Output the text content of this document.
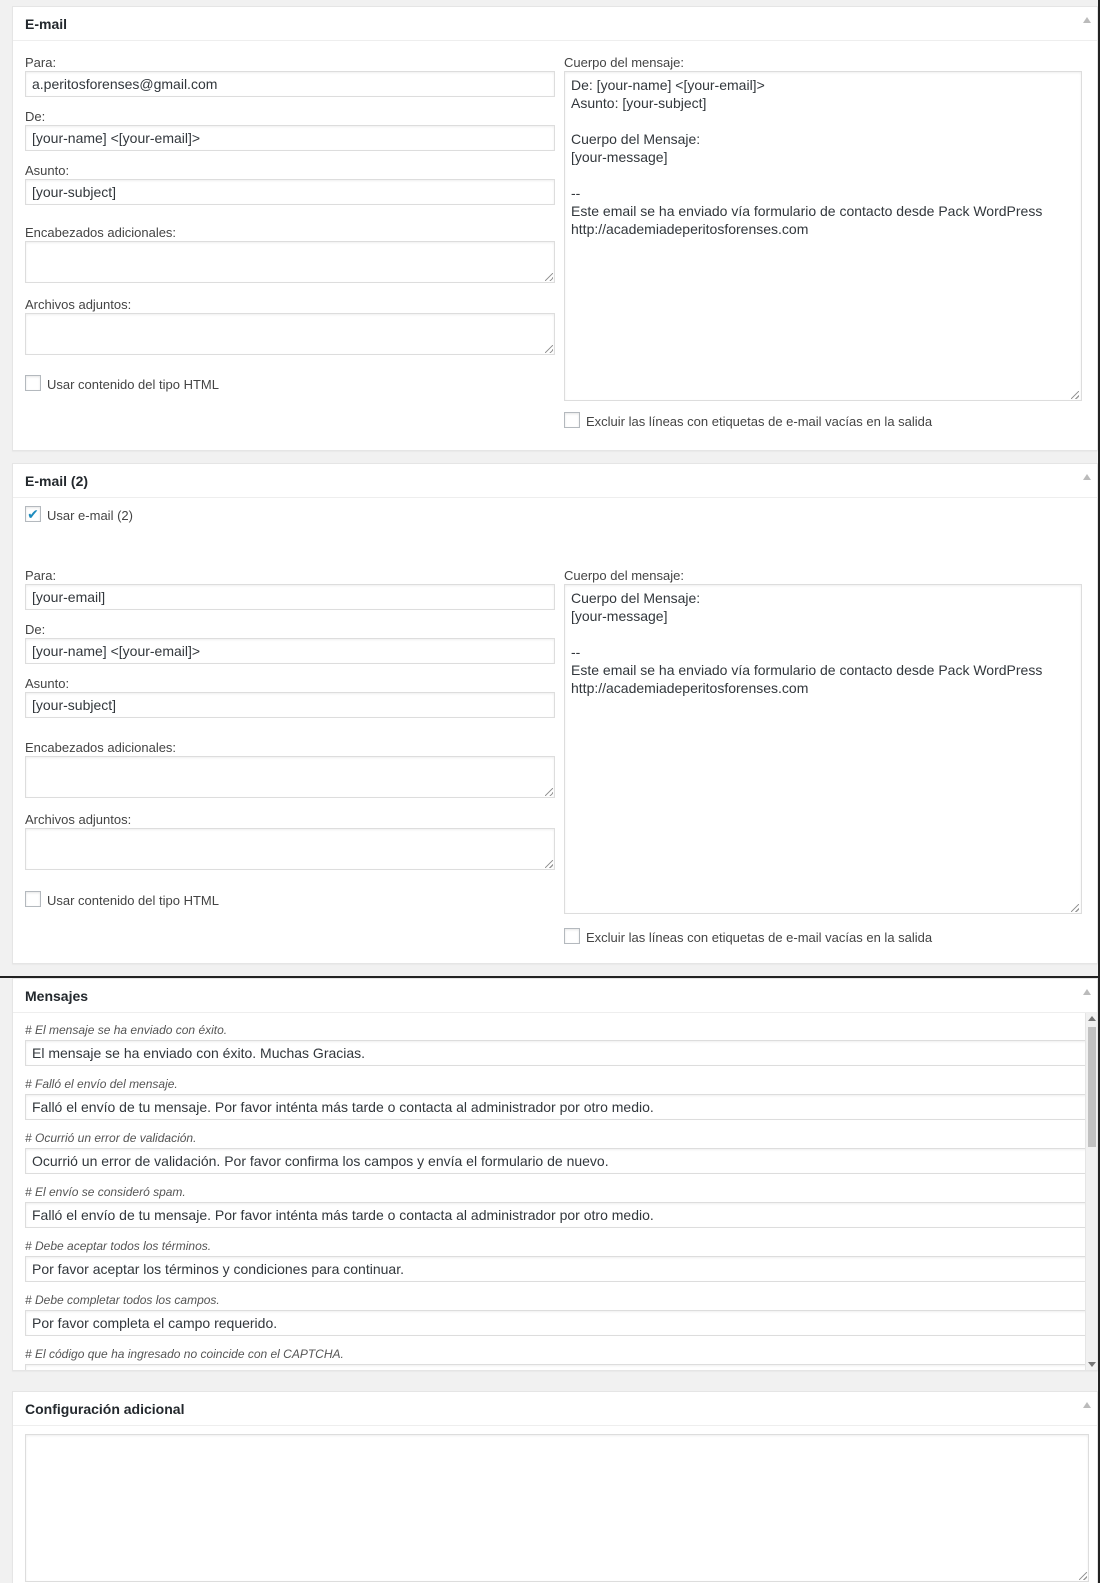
E-mail
Para:
a.peritosforenses@gmail.com
De:
[your-name] <[your-email]>
Asunto:
[your-subject]
Encabezados adicionales:
Archivos adjuntos:
Usar contenido del tipo HTML
Cuerpo del mensaje:
De: [your-name] <[your-email]>
Asunto: [your-subject]

Cuerpo del Mensaje:
[your-message]

--
Este email se ha enviado vía formulario de contacto desde Pack WordPress
http://academiadeperitosforenses.com
Excluir las líneas con etiquetas de e-mail vacías en la salida
E-mail (2)
✔ Usar e-mail (2)
Para:
[your-email]
De:
[your-name] <[your-email]>
Asunto:
[your-subject]
Encabezados adicionales:
Archivos adjuntos:
Usar contenido del tipo HTML
Cuerpo del mensaje:
Cuerpo del Mensaje:
[your-message]

--
Este email se ha enviado vía formulario de contacto desde Pack WordPress
http://academiadeperitosforenses.com
Excluir las líneas con etiquetas de e-mail vacías en la salida
Mensajes
# El mensaje se ha enviado con éxito.
El mensaje se ha enviado con éxito. Muchas Gracias.
# Falló el envío del mensaje.
Falló el envío de tu mensaje. Por favor inténta más tarde o contacta al administrador por otro medio.
# Ocurrió un error de validación.
Ocurrió un error de validación. Por favor confirma los campos y envía el formulario de nuevo.
# El envío se consideró spam.
Falló el envío de tu mensaje. Por favor inténta más tarde o contacta al administrador por otro medio.
# Debe aceptar todos los términos.
Por favor aceptar los términos y condiciones para continuar.
# Debe completar todos los campos.
Por favor completa el campo requerido.
# El código que ha ingresado no coincide con el CAPTCHA.
Configuración adicional
